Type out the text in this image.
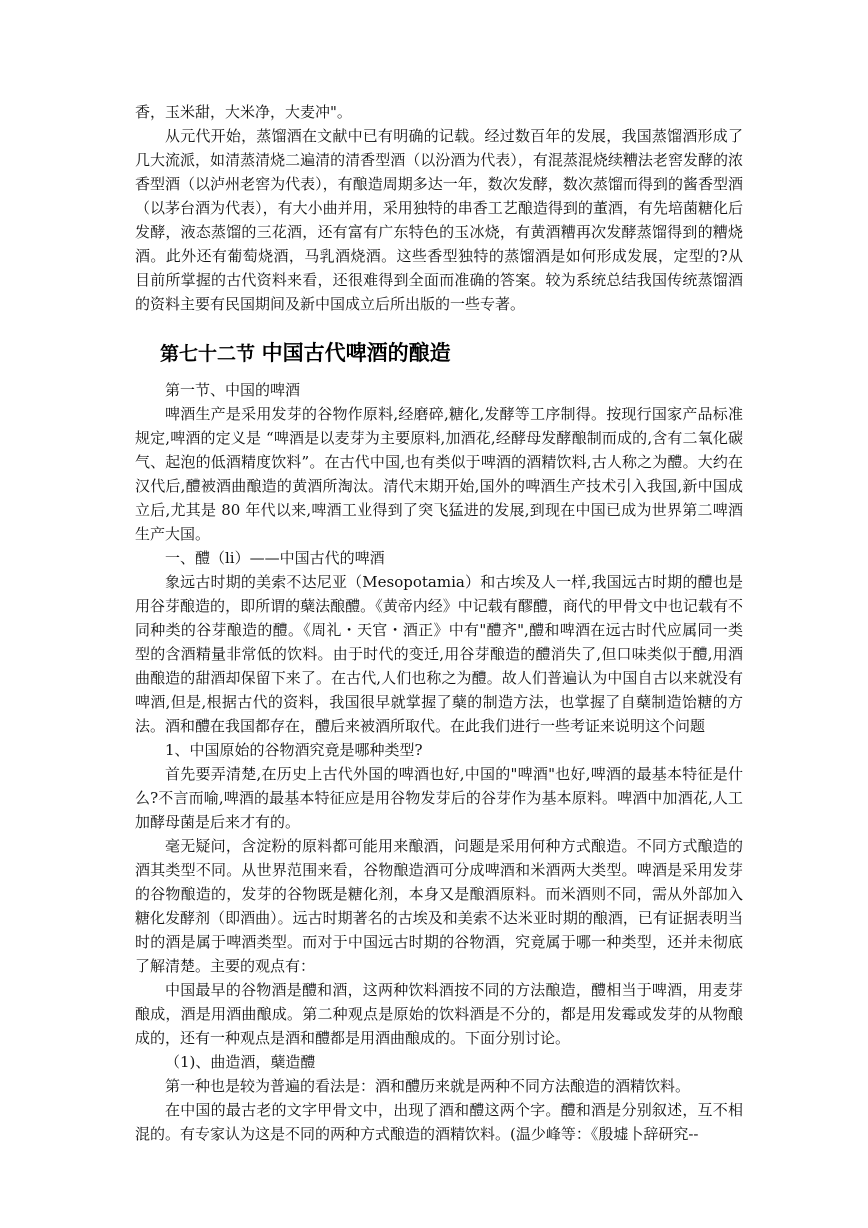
香，玉米甜，大米净，大麦冲"。

从元代开始，蒸馏酒在文献中已有明确的记载。经过数百年的发展，我国蒸馏酒形成了几大流派，如清蒸清烧二遍清的清香型酒（以汾酒为代表），有混蒸混烧续糟法老窖发酵的浓香型酒（以泸州老窖为代表），有酿造周期多达一年，数次发酵，数次蒸馏而得到的酱香型酒（以茅台酒为代表），有大小曲并用，采用独特的串香工艺酿造得到的董酒，有先培菌糖化后发酵，液态蒸馏的三花酒，还有富有广东特色的玉冰烧，有黄酒糟再次发酵蒸馏得到的糟烧酒。此外还有葡萄烧酒，马乳酒烧酒。这些香型独特的蒸馏酒是如何形成发展，定型的?从目前所掌握的古代资料来看，还很难得到全面而准确的答案。较为系统总结我国传统蒸馏酒的资料主要有民国期间及新中国成立后所出版的一些专著。

第七十二节 中国古代啤酒的酿造

第一节、中国的啤酒

啤酒生产是采用发芽的谷物作原料,经磨碎,糖化,发酵等工序制得。按现行国家产品标准规定,啤酒的定义是 “啤酒是以麦芽为主要原料,加酒花,经酵母发酵酿制而成的,含有二氧化碳气、起泡的低酒精度饮料”。在古代中国,也有类似于啤酒的酒精饮料,古人称之为醴。大约在汉代后,醴被酒曲酿造的黄酒所淘汰。清代末期开始,国外的啤酒生产技术引入我国,新中国成立后,尤其是 80 年代以来,啤酒工业得到了突飞猛进的发展,到现在中国已成为世界第二啤酒生产大国。

一、醴（li）——中国古代的啤酒

象远古时期的美索不达尼亚（Mesopotamia）和古埃及人一样,我国远古时期的醴也是用谷芽酿造的，即所谓的蘖法酿醴。《黄帝内经》中记载有醪醴，商代的甲骨文中也记载有不同种类的谷芽酿造的醴。《周礼・天官・酒正》中有"醴齐",醴和啤酒在远古时代应属同一类型的含酒精量非常低的饮料。由于时代的变迁,用谷芽酿造的醴消失了,但口味类似于醴,用酒曲酿造的甜酒却保留下来了。在古代,人们也称之为醴。故人们普遍认为中国自古以来就没有啤酒,但是,根据古代的资料，我国很早就掌握了蘖的制造方法，也掌握了自蘖制造饴糖的方法。酒和醴在我国都存在，醴后来被酒所取代。在此我们进行一些考证来说明这个问题

1、中国原始的谷物酒究竟是哪种类型?

首先要弄清楚,在历史上古代外国的啤酒也好,中国的"啤酒"也好,啤酒的最基本特征是什么?不言而喻,啤酒的最基本特征应是用谷物发芽后的谷芽作为基本原料。啤酒中加酒花,人工加酵母菌是后来才有的。

毫无疑问，含淀粉的原料都可能用来酿酒，问题是采用何种方式酿造。不同方式酿造的酒其类型不同。从世界范围来看，谷物酿造酒可分成啤酒和米酒两大类型。啤酒是采用发芽的谷物酿造的，发芽的谷物既是糖化剂，本身又是酿酒原料。而米酒则不同，需从外部加入糖化发酵剂（即酒曲）。远古时期著名的古埃及和美索不达米亚时期的酿酒，已有证据表明当时的酒是属于啤酒类型。而对于中国远古时期的谷物酒，究竟属于哪一种类型，还并未彻底了解清楚。主要的观点有：

中国最早的谷物酒是醴和酒，这两种饮料酒按不同的方法酿造，醴相当于啤酒，用麦芽酿成，酒是用酒曲酿成。第二种观点是原始的饮料酒是不分的，都是用发霉或发芽的从物酿成的，还有一种观点是酒和醴都是用酒曲酿成的。下面分别讨论。

（1)、曲造酒，蘖造醴

第一种也是较为普遍的看法是：酒和醴历来就是两种不同方法酿造的酒精饮料。

在中国的最古老的文字甲骨文中，出现了酒和醴这两个字。醴和酒是分别叙述，互不相混的。有专家认为这是不同的两种方式酿造的酒精饮料。(温少峰等：《殷墟卜辞研究--
